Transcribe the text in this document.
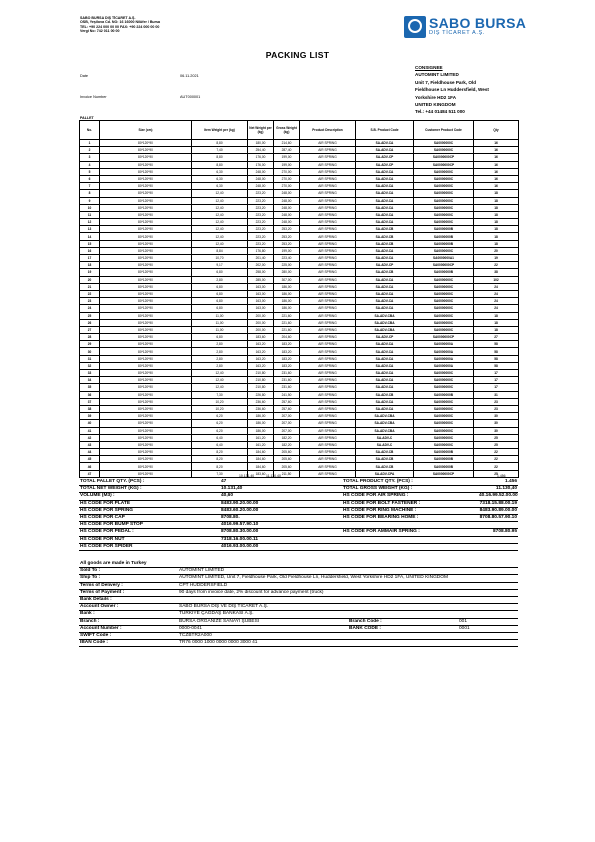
SABO BURSA DIŞ TİCARET A.Ş.
OSB, Yeşilova Cd. NO: 16 16000 Nilüfer / Bursa
TEL: +90 224 000 00 00 FAX: +90 224 000 00 00
Vergi No: 742 011 00 00
SABO BURSA
DIŞ TİCARET A.Ş.
PACKING LIST
Date	06.11.2021
Invoice Number	AUT000001
CONSIGNEE
AUTOMINT LIMITED
Unit 7, Fieldhouse Park, Old
Fieldhouse Ln Huddersfield, West
Yorkshire HD2 1FA
UNITED KINGDOM
Tel.: +44 01484 511 000
PALLET
No.	Size (cm)	Item Weight per (kg)	Net Weight per (kg)	Gross Weight (kg)	Product Description	S.B. Product Code	Customer Product Code	Qty
1	80*120*90	8,80	180,00	214,60	AIR SPRING	SA-ADV-CA	SA0000000C	16
2	80*120*90	7,40	254,40	287,40	AIR SPRING	SA-ADV-CA	SA0000000C	16
3	80*120*90	8,80	176,00	199,00	AIR SPRING	SA-ADV-CP	SA0000000CP	16
4	80*120*90	8,80	176,00	199,00	AIR SPRING	SA-ADV-CP	SA0000000CP	16
5	80*120*90	6,30	248,00	270,00	AIR SPRING	SA-ADV-CA	SA0000000C	16
6	80*120*90	6,30	248,00	270,00	AIR SPRING	SA-ADV-CA	SA0000000C	16
7	80*120*90	6,30	248,00	270,00	AIR SPRING	SA-ADV-CA	SA0000000C	16
8	80*120*90	12,40	223,20	248,00	AIR SPRING	SA-ADV-CA	SA0000000C	18
9	80*120*90	12,40	223,20	248,00	AIR SPRING	SA-ADV-CA	SA0000000C	18
10	80*120*90	12,40	223,20	248,00	AIR SPRING	SA-ADV-CA	SA0000000C	18
11	80*120*90	12,40	223,20	248,00	AIR SPRING	SA-ADV-CA	SA0000000C	18
12	80*120*90	12,40	223,20	248,00	AIR SPRING	SA-ADV-CA	SA0000000C	18
13	80*120*90	12,40	223,20	253,20	AIR SPRING	SA-ADV-CB	SA0000000B	18
14	80*120*90	12,40	223,20	253,20	AIR SPRING	SA-ADV-CB	SA0000000B	18
15	80*120*90	12,40	223,20	253,20	AIR SPRING	SA-ADV-CB	SA0000000B	18
16	80*120*90	8,84	176,80	199,00	AIR SPRING	SA-ADV-CA	SA0000000C	20
17	80*120*90	10,70	201,40	223,40	AIR SPRING	SA-ADV-CA	SA0000000A1	19
18	80*120*90	9,17	202,00	225,00	AIR SPRING	SA-ADV-CP	SA0000000CP	22
19	80*120*90	6,80	258,00	280,00	AIR SPRING	SA-ADV-CB	SA0000000B	38
20	80*120*90	2,80	285,00	307,00	AIR SPRING	SA-ADV-CA	SA0000000C	102
21	80*120*90	6,80	163,00	186,00	AIR SPRING	SA-ADV-CA	SA0000000C	24
22	80*120*90	6,80	163,00	186,00	AIR SPRING	SA-ADV-CA	SA0000000C	24
23	80*120*90	6,80	163,00	186,00	AIR SPRING	SA-ADV-CA	SA0000000C	24
24	80*120*90	6,80	163,00	186,00	AIR SPRING	SA-ADV-CA	SA0000000C	24
25	80*120*90	11,00	200,00	221,60	AIR SPRING	SA-ADV-CBA	SA0000000C	18
26	80*120*90	11,00	200,00	221,60	AIR SPRING	SA-ADV-CBA	SA0000000C	18
27	80*120*90	11,00	200,00	221,60	AIR SPRING	SA-ADV-CBA	SA0000000C	18
28	80*120*90	6,80	183,60	204,60	AIR SPRING	SA-ADV-CP	SA0000000CP	27
29	80*120*90	2,80	163,20	183,20	AIR SPRING	SA-ADV-CA	SA0000000A	58
30	80*120*90	2,80	163,20	183,20	AIR SPRING	SA-ADV-CA	SA0000000A	58
31	80*120*90	2,80	163,20	183,20	AIR SPRING	SA-ADV-CA	SA0000000A	58
32	80*120*90	2,80	163,20	183,20	AIR SPRING	SA-ADV-CA	SA0000000A	58
33	80*120*90	12,40	210,80	231,60	AIR SPRING	SA-ADV-CA	SA0000000C	17
34	80*120*90	12,40	210,80	231,60	AIR SPRING	SA-ADV-CA	SA0000000C	17
35	80*120*90	12,40	210,80	231,60	AIR SPRING	SA-ADV-CA	SA0000000C	17
36	80*120*90	7,30	226,80	241,50	AIR SPRING	SA-ADV-CB	SA0000000B	31
37	80*120*90	10,20	236,60	257,60	AIR SPRING	SA-ADV-CA	SA0000000C	23
38	80*120*90	10,20	236,60	257,60	AIR SPRING	SA-ADV-CA	SA0000000C	23
39	80*120*90	6,20	186,00	207,00	AIR SPRING	SA-ADV-CBA	SA0000000C	30
40	80*120*90	6,20	186,00	207,00	AIR SPRING	SA-ADV-CBA	SA0000000C	30
41	80*120*90	6,20	186,00	207,00	AIR SPRING	SA-ADV-CBA	SA0000000C	30
42	80*120*90	6,40	161,20	182,20	AIR SPRING	SA-ADV-C	SA0000000C	25
43	80*120*90	6,40	161,20	182,20	AIR SPRING	SA-ADV-C	SA0000000C	25
44	80*120*90	8,20	184,60	205,60	AIR SPRING	SA-ADV-CB	SA0000000B	22
45	80*120*90	8,20	184,60	205,60	AIR SPRING	SA-ADV-CB	SA0000000B	22
46	80*120*90	8,20	184,60	205,60	AIR SPRING	SA-ADV-CB	SA0000000B	22
47	80*120*90	7,30	183,60	211,50	AIR SPRING	SA-ADV-CPA	SA0000000CP	25
10.131,40	11.130,40	1.456
TOTAL PALLET QTY. (PCS) :	47	TOTAL PRODUCT QTY. (PCS) :	1.456
TOTAL NET WEIGHT (KG) :	10.131,40	TOTAL GROSS WEIGHT (KG) :	11.130,40
VOLUME (M3) :	40,60	HS CODE FOR AIR SPRING :	40.16.99.52.00.00
HS CODE FOR PLATE	8483.90.20.00.00	HS CODE FOR BOLT FASTENER :	7318.15.88.00.19
HS CODE FOR SPRING	8483.60.20.00.00	HS CODE FOR RING MACHINE :	8483.90.89.00.00
HS CODE FOR CAP	8708.80.	HS CODE FOR BEARING HOME :	8708.80.57.90.10
HS CODE FOR BUMP STOP	4016.99.57.90.10
HS CODE FOR PEDAL :	8708.80.30.00.00	HS CODE FOR AMMAIR SPRING :	8708.80.95
HS CODE FOR NUT	7318.16.00.00.11
HS CODE FOR SPIDER	4016.93.00.00.00
All goods are made in Turkey
Sold To :	AUTOMINT LIMITED
Ship To :	AUTOMINT LIMITED, Unit 7, Fieldhouse Park, Old Fieldhouse Ln, Huddersfield, West Yorkshire HD2 1FA, UNITED KINGDOM
Terms of Delivery :	CPT HUDDERSFIELD
Terms of Payment :	90 days from invoice date, 2% discount for advance payment (truck)
Bank Details :
Account Owner :	SABO BURSA DIŞ VE DIŞ TİCARET A.Ş.
Bank :	TÜRKİYE ÇAĞDAŞ BANKASI A.Ş.
Branch :	BURSA ORGANİZE SANAYİ ŞUBESİ	Branch Code :	001
Account Number :	0000-0041	BANK CODE :	0001
SWIFT Code :	TCZBTR2A000
IBAN Code :	TR76 0000 1000 0000 0000 3000 41
